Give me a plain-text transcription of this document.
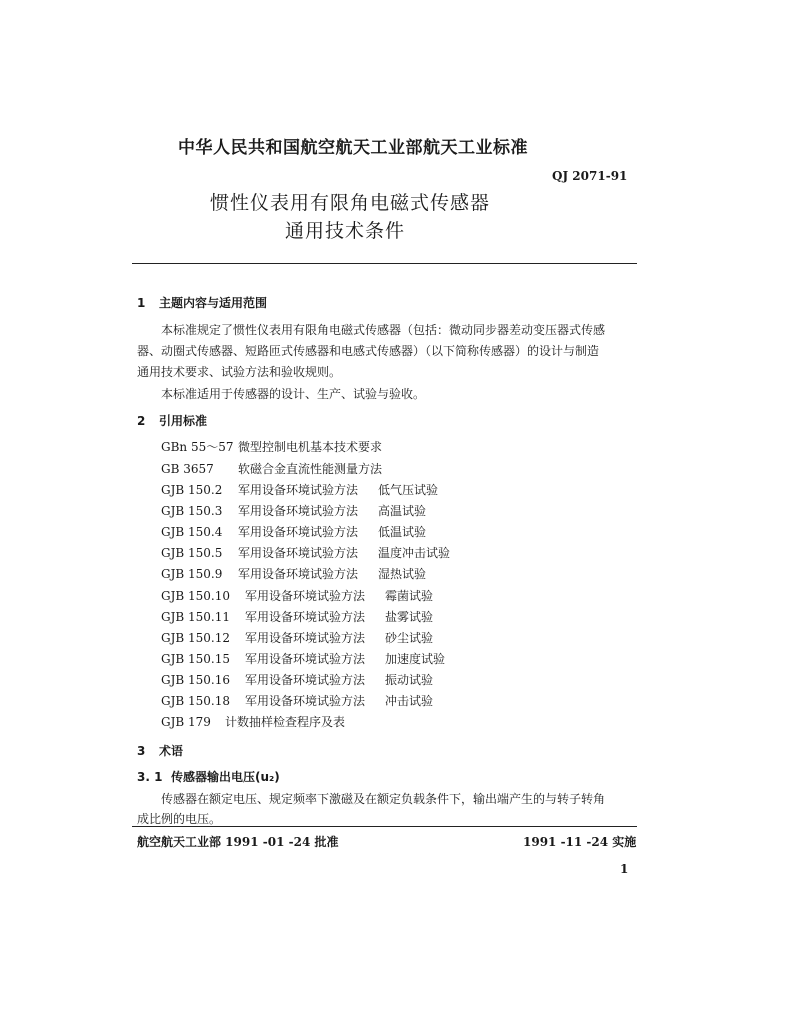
中华人民共和国航空航天工业部航天工业标准
QJ 2071-91
惯性仪表用有限角电磁式传感器
通用技术条件
1 主题内容与适用范围
本标准规定了惯性仪表用有限角电磁式传感器（包括：微动同步器差动变压器式传感
器、动圈式传感器、短路匝式传感器和电感式传感器）（以下简称传感器）的设计与制造
通用技术要求、试验方法和验收规则。
本标准适用于传感器的设计、生产、试验与验收。
2 引用标准
GBn 55～57 微型控制电机基本技术要求
GB 3657 软磁合金直流性能测量方法
GJB 150.2 军用设备环境试验方法 低气压试验
GJB 150.3 军用设备环境试验方法 高温试验
GJB 150.4 军用设备环境试验方法 低温试验
GJB 150.5 军用设备环境试验方法 温度冲击试验
GJB 150.9 军用设备环境试验方法 湿热试验
GJB 150.10 军用设备环境试验方法 霉菌试验
GJB 150.11 军用设备环境试验方法 盐雾试验
GJB 150.12 军用设备环境试验方法 砂尘试验
GJB 150.15 军用设备环境试验方法 加速度试验
GJB 150.16 军用设备环境试验方法 振动试验
GJB 150.18 军用设备环境试验方法 冲击试验
GJB 179 计数抽样检查程序及表
3 术语
3. 1 传感器输出电压(u₂)
传感器在额定电压、规定频率下激磁及在额定负载条件下，输出端产生的与转子转角
成比例的电压。
航空航天工业部 1991 -01 -24 批准	1991 -11 -24 实施
1
